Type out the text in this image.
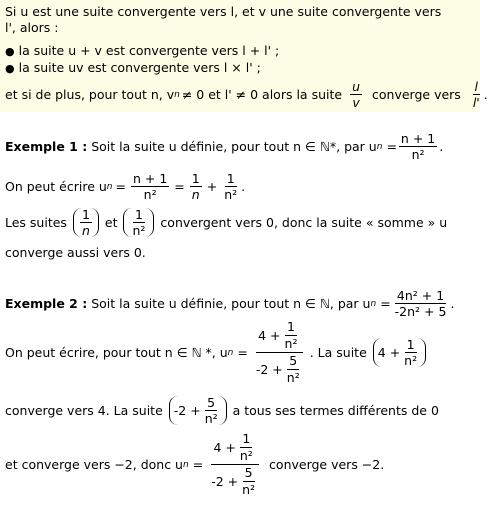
Si u est une suite convergente vers l, et v une suite convergente vers
l', alors :
● la suite u + v est convergente vers l + l' ;
● la suite uv est convergente vers l × l' ;
et si de plus, pour tout n, v n ≠ 0 et l' ≠ 0 alors la suite $\frac{u}{v}$ converge vers $\frac{l}{l'}$ .
Exemple 1 : Soit la suite u définie, pour tout n ∈ ℕ*, par u $n = \frac{n + 1}{\text{n²}}$ .
On peut écrire u $n = \frac{n + 1}{\text{n²}} = \frac{1}{n} + \frac{1}{\text{n²}}$ .
Les suites $\frac{1}{n}$ et $\frac{1}{\text{n²}}$ convergent vers 0, donc la suite « somme » u
converge aussi vers 0.
Exemple 2 : Soit la suite u définie, pour tout n ∈ ℕ, par u $n = \frac{\text{4n² + 1}}{\text{-2n² + 5}}$ .
On peut écrire, pour tout n ∈ ℕ *, u $n = \frac{4 + \frac{1}{\text{n²}}}{-2 + \frac{5}{\text{n²}}}$ . La suite $4 + \frac{1}{\text{n²}}$
converge vers 4. La suite $-2 + \frac{5}{\text{n²}}$ a tous ses termes différents de 0
et converge vers −2, donc u $n = \frac{4 + \frac{1}{\text{n²}}}{-2 + \frac{5}{\text{n²}}}$ converge vers −2.
